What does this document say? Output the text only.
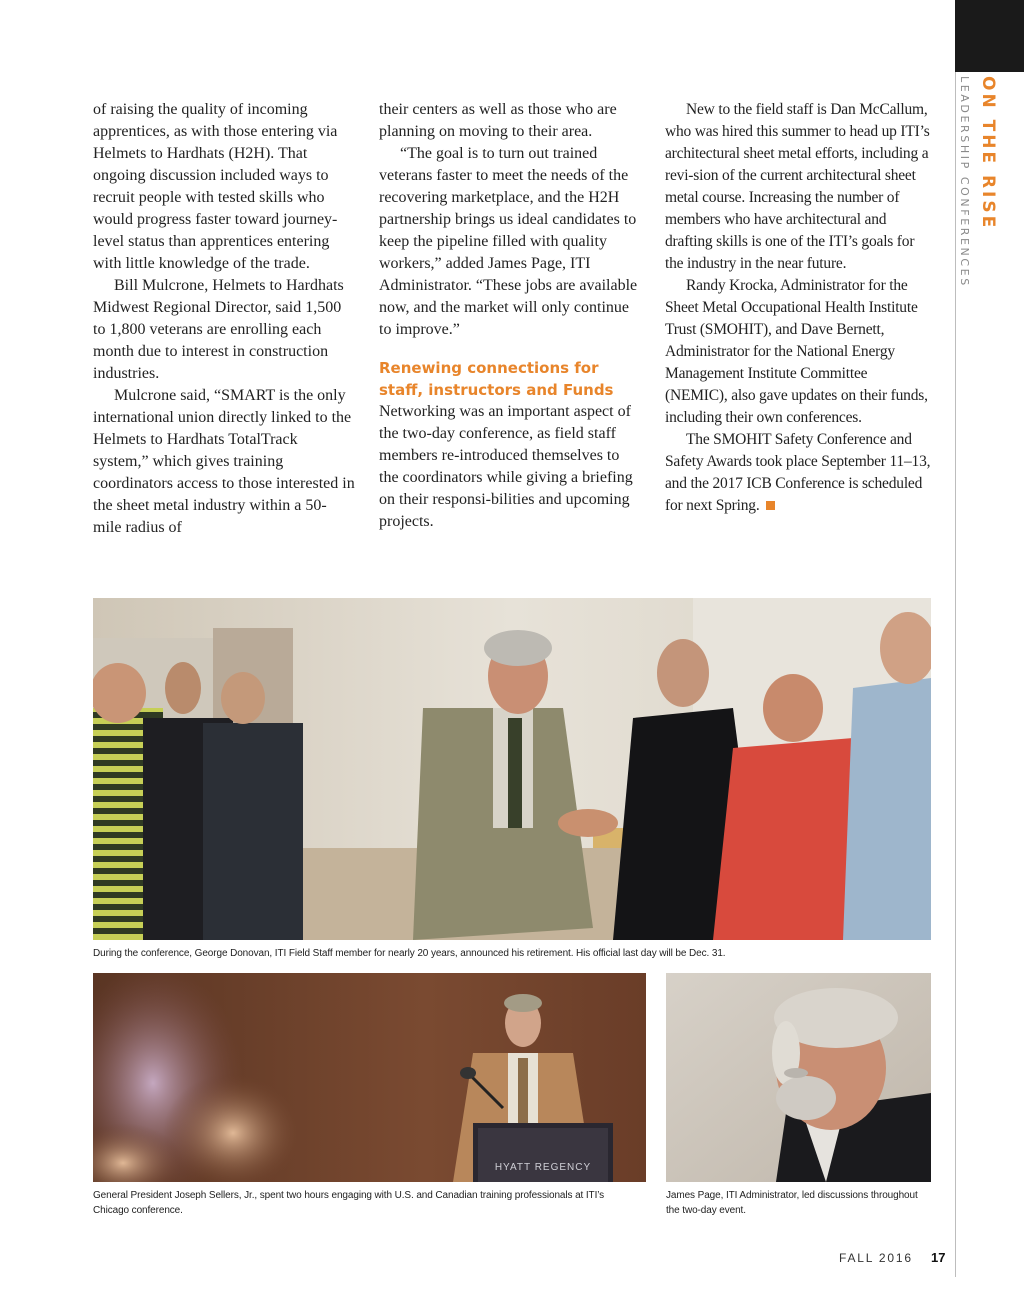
ON THE RISE
LEADERSHIP CONFERENCES

of raising the quality of incoming apprentices, as with those entering via Helmets to Hardhats (H2H). That ongoing discussion included ways to recruit people with tested skills who would progress faster toward journey-level status than apprentices entering with little knowledge of the trade.

Bill Mulcrone, Helmets to Hardhats Midwest Regional Director, said 1,500 to 1,800 veterans are enrolling each month due to interest in construction industries.

Mulcrone said, “SMART is the only international union directly linked to the Helmets to Hardhats TotalTrack system,” which gives training coordinators access to those interested in the sheet metal industry within a 50-mile radius of

their centers as well as those who are planning on moving to their area.

“The goal is to turn out trained veterans faster to meet the needs of the recovering marketplace, and the H2H partnership brings us ideal candidates to keep the pipeline filled with quality workers,” added James Page, ITI Administrator. “These jobs are available now, and the market will only continue to improve.”

Renewing connections for staff, instructors and Funds

Networking was an important aspect of the two-day conference, as field staff members re-introduced themselves to the coordinators while giving a briefing on their responsi-bilities and upcoming projects.

New to the field staff is Dan McCallum, who was hired this summer to head up ITI’s architectural sheet metal efforts, including a revi-sion of the current architectural sheet metal course. Increasing the number of members who have architectural and drafting skills is one of the ITI’s goals for the industry in the near future.

Randy Krocka, Administrator for the Sheet Metal Occupational Health Institute Trust (SMOHIT), and Dave Bernett, Administrator for the National Energy Management Institute Committee (NEMIC), also gave updates on their funds, including their own conferences.

The SMOHIT Safety Conference and Safety Awards took place September 11–13, and the 2017 ICB Conference is scheduled for next Spring.

During the conference, George Donovan, ITI Field Staff member for nearly 20 years, announced his retirement. His official last day will be Dec. 31.
HYATT REGENCY
General President Joseph Sellers, Jr., spent two hours engaging with U.S. and Canadian training professionals at ITI’s Chicago conference.
James Page, ITI Administrator, led discussions throughout the two-day event.
FALL 2016 17
